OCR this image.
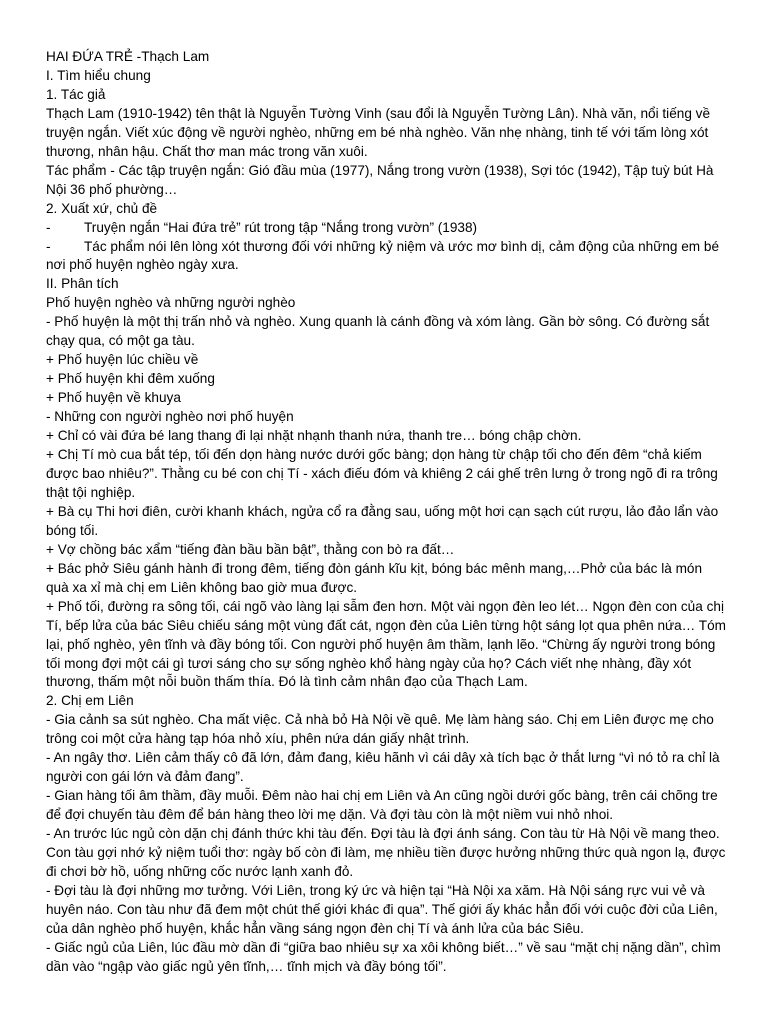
HAI ĐỨA TRẺ -Thạch Lam

I. Tìm hiểu chung

1. Tác giả

Thạch Lam (1910-1942) tên thật là Nguyễn Tường Vinh (sau đổi là Nguyễn Tường Lân). Nhà văn, nổi tiếng về truyện ngắn. Viết xúc động về người nghèo, những em bé nhà nghèo. Văn nhẹ nhàng, tinh tế với tấm lòng xót thương, nhân hậu. Chất thơ man mác trong văn xuôi.

Tác phẩm - Các tập truyện ngắn: Gió đầu mùa (1977), Nắng trong vườn (1938), Sợi tóc (1942), Tập tuỳ bút Hà Nội 36 phố phường…

2. Xuất xứ, chủ đề

- Truyện ngắn “Hai đứa trẻ” rút trong tập “Nắng trong vườn” (1938)

- Tác phẩm nói lên lòng xót thương đối với những kỷ niệm và ước mơ bình dị, cảm động của những em bé nơi phố huyện nghèo ngày xưa.

II. Phân tích

Phố huyện nghèo và những người nghèo

- Phố huyện là một thị trấn nhỏ và nghèo. Xung quanh là cánh đồng và xóm làng. Gần bờ sông. Có đường sắt chạy qua, có một ga tàu.

+ Phố huyện lúc chiều về

+ Phố huyện khi đêm xuống

+ Phố huyện về khuya

- Những con người nghèo nơi phố huyện

+ Chỉ có vài đứa bé lang thang đi lại nhặt nhạnh thanh nứa, thanh tre… bóng chập chờn.

+ Chị Tí mò cua bắt tép, tối đến dọn hàng nước dưới gốc bàng; dọn hàng từ chập tối cho đến đêm “chả kiếm được bao nhiêu?”. Thằng cu bé con chị Tí - xách điếu đóm và khiêng 2 cái ghế trên lưng ở trong ngõ đi ra trông thật tội nghiệp.

+ Bà cụ Thi hơi điên, cười khanh khách, ngửa cổ ra đằng sau, uống một hơi cạn sạch cút rượu, lảo đảo lẩn vào bóng tối.

+ Vợ chồng bác xẩm “tiếng đàn bầu bần bật”, thằng con bò ra đất…

+ Bác phở Siêu gánh hành đi trong đêm, tiếng đòn gánh kĩu kịt, bóng bác mênh mang,…Phở của bác là món quà xa xỉ mà chị em Liên không bao giờ mua được.

+ Phố tối, đường ra sông tối, cái ngõ vào làng lại sẫm đen hơn. Một vài ngọn đèn leo lét… Ngọn đèn con của chị Tí, bếp lửa của bác Siêu chiếu sáng một vùng đất cát, ngọn đèn của Liên từng hột sáng lọt qua phên nứa… Tóm lại, phố nghèo, yên tĩnh và đầy bóng tối. Con người phố huyện âm thầm, lạnh lẽo. “Chừng ấy người trong bóng tối mong đợi một cái gì tươi sáng cho sự sống nghèo khổ hàng ngày của họ? Cách viết nhẹ nhàng, đầy xót thương, thấm một nỗi buồn thấm thía. Đó là tình cảm nhân đạo của Thạch Lam.

2. Chị em Liên

- Gia cảnh sa sút nghèo. Cha mất việc. Cả nhà bỏ Hà Nội về quê. Mẹ làm hàng sáo. Chị em Liên được mẹ cho trông coi một cửa hàng tạp hóa nhỏ xíu, phên nứa dán giấy nhật trình.

- An ngây thơ. Liên cảm thấy cô đã lớn, đảm đang, kiêu hãnh vì cái dây xà tích bạc ở thắt lưng “vì nó tỏ ra chỉ là người con gái lớn và đảm đang”.

- Gian hàng tối âm thầm, đầy muỗi. Đêm nào hai chị em Liên và An cũng ngồi dưới gốc bàng, trên cái chõng tre để đợi chuyến tàu đêm để bán hàng theo lời mẹ dặn. Và đợi tàu còn là một niềm vui nhỏ nhoi.

- An trước lúc ngủ còn dặn chị đánh thức khi tàu đến. Đợi tàu là đợi ánh sáng. Con tàu từ Hà Nội về mang theo. Con tàu gợi nhớ kỷ niệm tuổi thơ: ngày bố còn đi làm, mẹ nhiều tiền được hưởng những thức quà ngon lạ, được đi chơi bờ hồ, uống những cốc nước lạnh xanh đỏ.

- Đợi tàu là đợi những mơ tưởng. Với Liên, trong ký ức và hiện tại “Hà Nội xa xăm. Hà Nội sáng rực vui vẻ và huyên náo. Con tàu như đã đem một chút thế giới khác đi qua”. Thế giới ấy khác hẳn đối với cuộc đời của Liên, của dân nghèo phố huyện, khắc hẳn vầng sáng ngọn đèn chị Tí và ánh lửa của bác Siêu.

- Giấc ngủ của Liên, lúc đầu mờ dần đi “giữa bao nhiêu sự xa xôi không biết…” về sau “mặt chị nặng dần”, chìm dần vào “ngập vào giấc ngủ yên tĩnh,… tĩnh mịch và đầy bóng tối”.
